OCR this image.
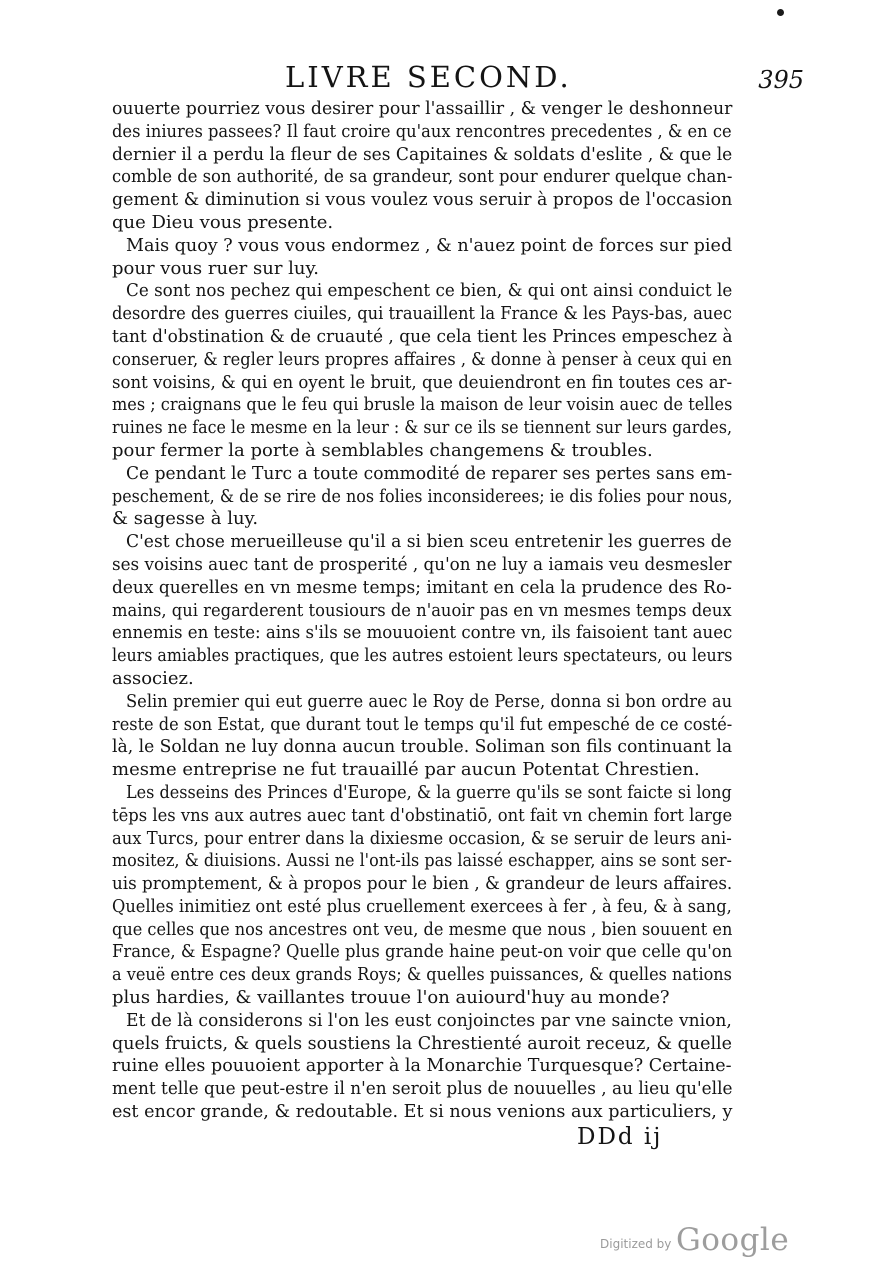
LIVRE SECOND.	395
ouuerte pourriez vous desirer pour l'assaillir , & venger le deshonneur
des iniures passees? Il faut croire qu'aux rencontres precedentes , & en ce
dernier il a perdu la fleur de ses Capitaines & soldats d'eslite , & que le
comble de son authorité, de sa grandeur, sont pour endurer quelque chan-
gement & diminution si vous voulez vous seruir à propos de l'occasion
que Dieu vous presente.
Mais quoy ? vous vous endormez , & n'auez point de forces sur pied
pour vous ruer sur luy.
Ce sont nos pechez qui empeschent ce bien, & qui ont ainsi conduict le
desordre des guerres ciuiles, qui trauaillent la France & les Pays-bas, auec
tant d'obstination & de cruauté , que cela tient les Princes empeschez à
conseruer, & regler leurs propres affaires , & donne à penser à ceux qui en
sont voisins, & qui en oyent le bruit, que deuiendront en fin toutes ces ar-
mes ; craignans que le feu qui brusle la maison de leur voisin auec de telles
ruines ne face le mesme en la leur : & sur ce ils se tiennent sur leurs gardes,
pour fermer la porte à semblables changemens & troubles.
Ce pendant le Turc a toute commodité de reparer ses pertes sans em-
peschement, & de se rire de nos folies inconsiderees; ie dis folies pour nous,
& sagesse à luy.
C'est chose merueilleuse qu'il a si bien sceu entretenir les guerres de
ses voisins auec tant de prosperité , qu'on ne luy a iamais veu desmesler
deux querelles en vn mesme temps; imitant en cela la prudence des Ro-
mains, qui regarderent tousiours de n'auoir pas en vn mesmes temps deux
ennemis en teste: ains s'ils se mouuoient contre vn, ils faisoient tant auec
leurs amiables practiques, que les autres estoient leurs spectateurs, ou leurs
associez.
Selin premier qui eut guerre auec le Roy de Perse, donna si bon ordre au
reste de son Estat, que durant tout le temps qu'il fut empesché de ce costé-
là, le Soldan ne luy donna aucun trouble. Soliman son fils continuant la
mesme entreprise ne fut trauaillé par aucun Potentat Chrestien.
Les desseins des Princes d'Europe, & la guerre qu'ils se sont faicte si long
tēps les vns aux autres auec tant d'obstinatiō, ont fait vn chemin fort large
aux Turcs, pour entrer dans la dixiesme occasion, & se seruir de leurs ani-
mositez, & diuisions. Aussi ne l'ont-ils pas laissé eschapper, ains se sont ser-
uis promptement, & à propos pour le bien , & grandeur de leurs affaires.
Quelles inimitiez ont esté plus cruellement exercees à fer , à feu, & à sang,
que celles que nos ancestres ont veu, de mesme que nous , bien souuent en
France, & Espagne? Quelle plus grande haine peut-on voir que celle qu'on
a veuë entre ces deux grands Roys; & quelles puissances, & quelles nations
plus hardies, & vaillantes trouue l'on auiourd'huy au monde?
Et de là considerons si l'on les eust conjoinctes par vne saincte vnion,
quels fruicts, & quels soustiens la Chrestienté auroit receuz, & quelle
ruine elles pouuoient apporter à la Monarchie Turquesque? Certaine-
ment telle que peut-estre il n'en seroit plus de nouuelles , au lieu qu'elle
est encor grande, & redoutable. Et si nous venions aux particuliers, y
DDd ij
Digitized by Google
